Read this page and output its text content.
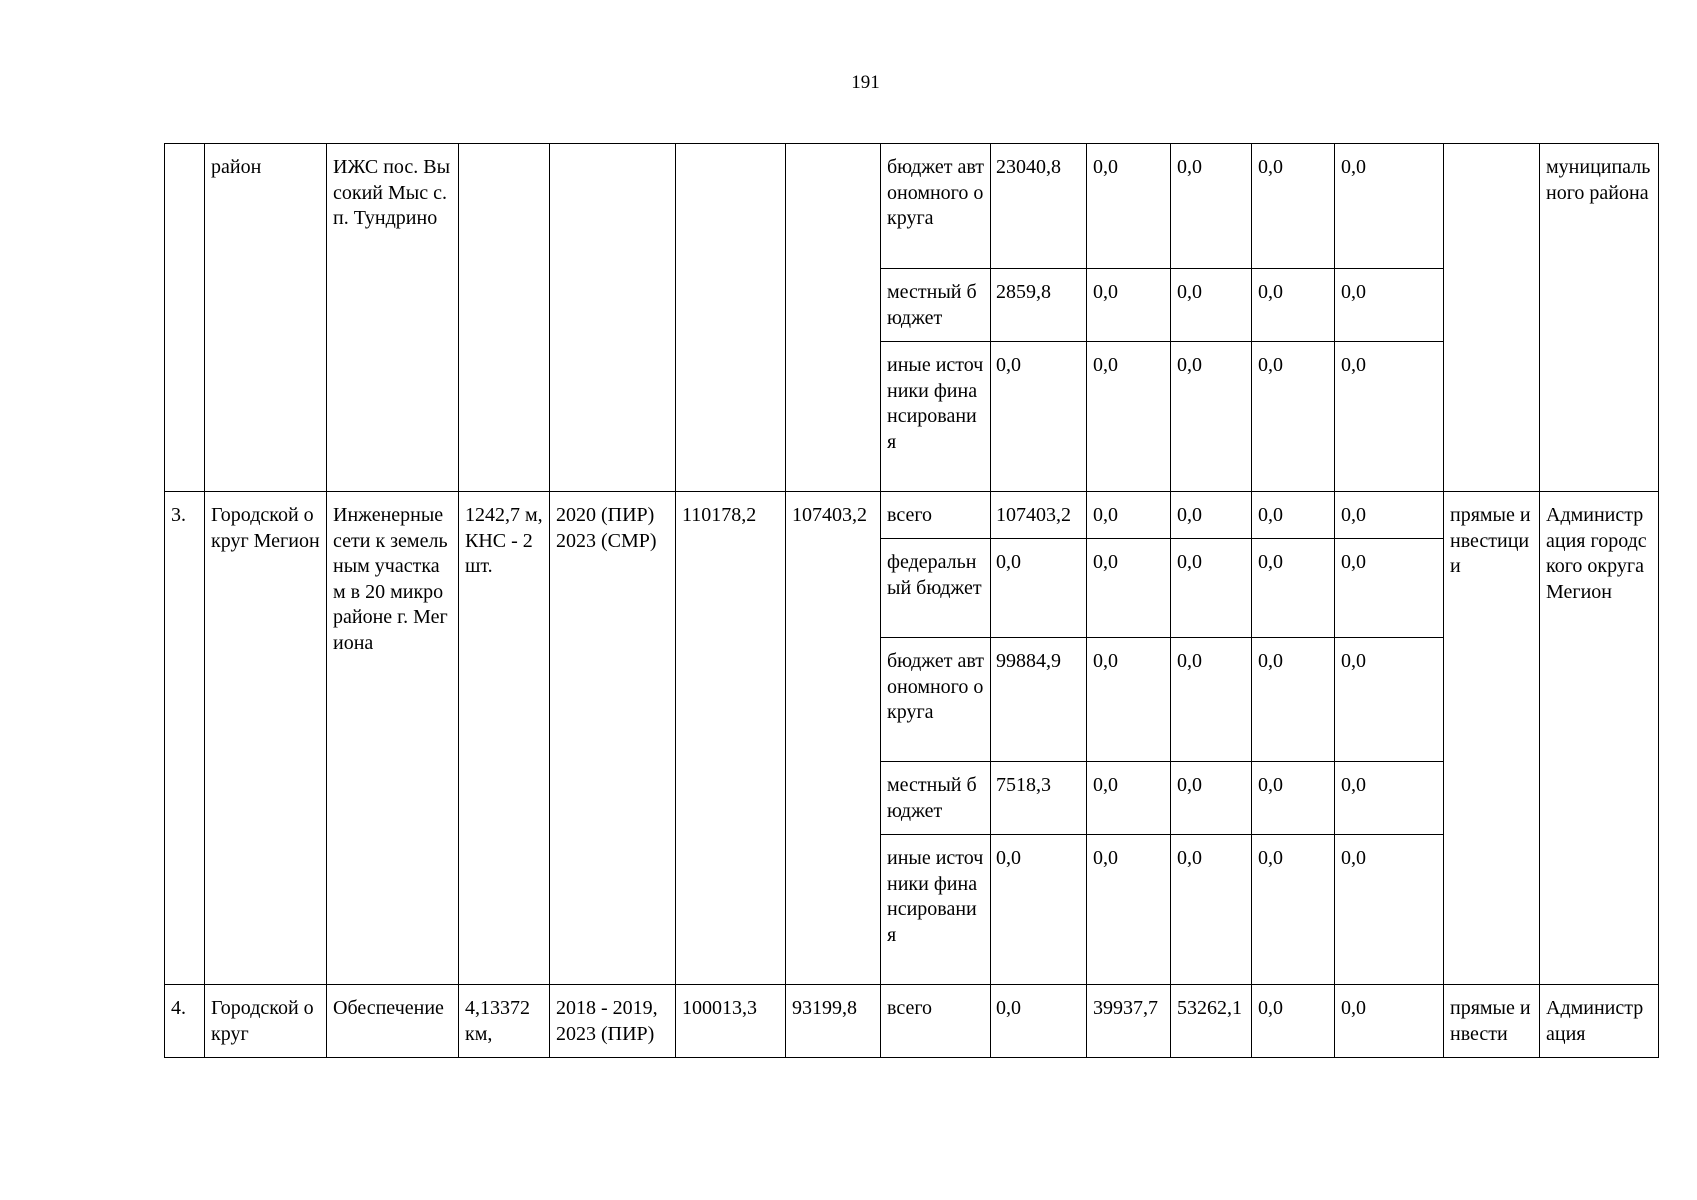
191
	район	ИЖС пос. Высокий Мыс с.п. Тундрино					бюджет автономного округа	23040,8	0,0	0,0	0,0	0,0		муниципального района
							местный бюджет	2859,8	0,0	0,0	0,0	0,0		
							иные источники финансирования	0,0	0,0	0,0	0,0	0,0		
3.	Городской округ Мегион	Инженерные сети к земельным участкам в 20 микрорайоне г. Мегиона	1242,7 м, КНС - 2 шт.	2020 (ПИР) 2023 (СМР)	110178,2	107403,2	всего	107403,2	0,0	0,0	0,0	0,0	прямые инвестиции	Администрация городского округа Мегион
							федеральный бюджет	0,0	0,0	0,0	0,0	0,0		
							бюджет автономного округа	99884,9	0,0	0,0	0,0	0,0		
							местный бюджет	7518,3	0,0	0,0	0,0	0,0		
							иные источники финансирования	0,0	0,0	0,0	0,0	0,0		
4.	Городской округ	Обеспечение	4,13372 км,	2018 - 2019, 2023 (ПИР)	100013,3	93199,8	всего	0,0	39937,7	53262,1	0,0	0,0	прямые инвести	Администрация
